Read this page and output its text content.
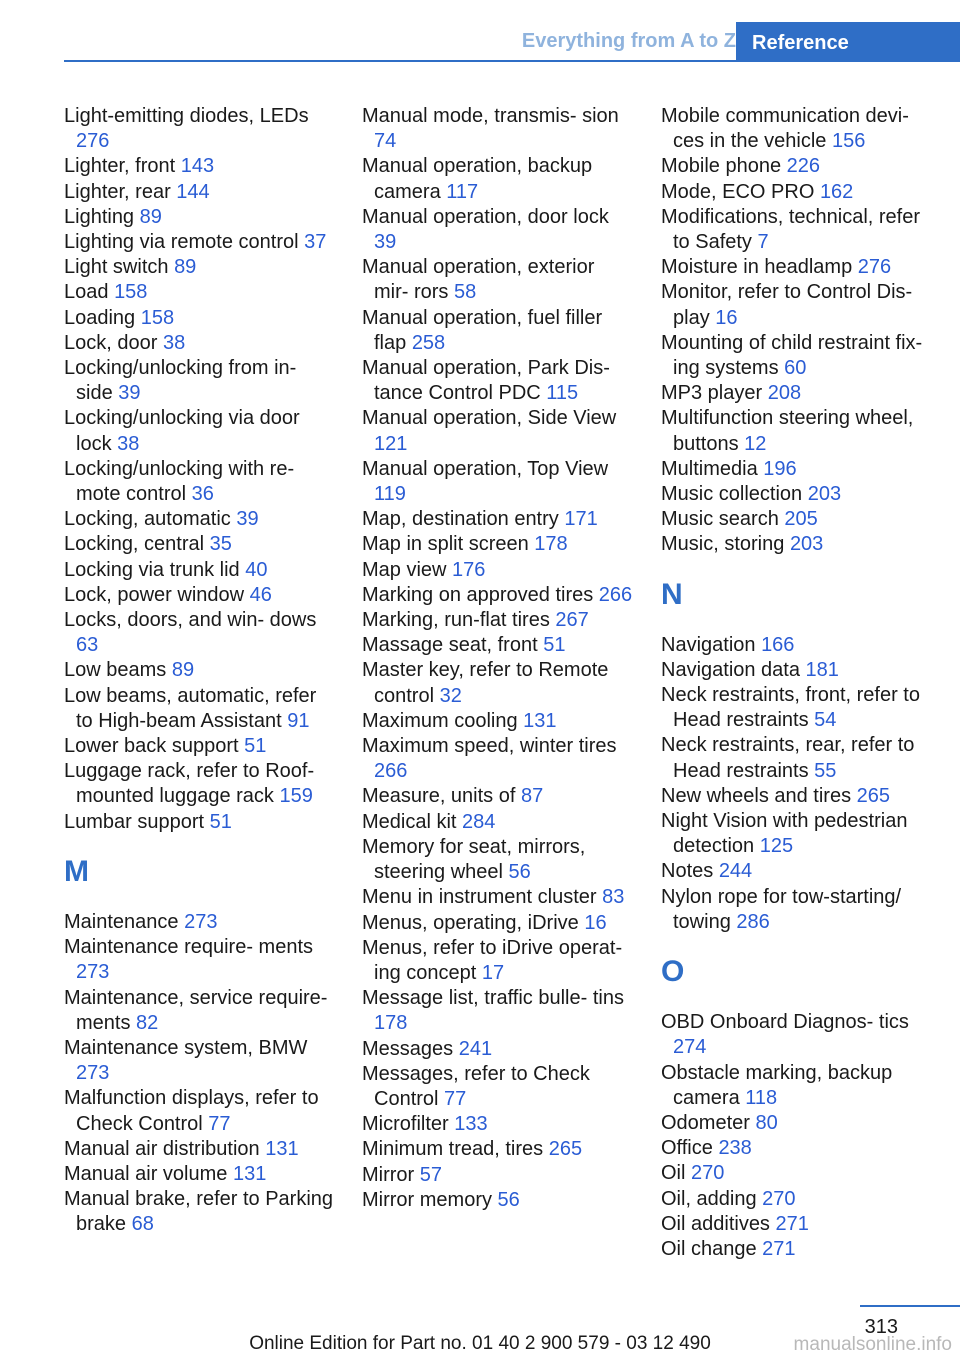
Everything from A to Z Reference
Light-emitting diodes, LEDs 276
Lighter, front 143
Lighter, rear 144
Lighting 89
Lighting via remote control 37
Light switch 89
Load 158
Loading 158
Lock, door 38
Locking/unlocking from in‐ side 39
Locking/unlocking via door lock 38
Locking/unlocking with re‐ mote control 36
Locking, automatic 39
Locking, central 35
Locking via trunk lid 40
Lock, power window 46
Locks, doors, and win‐ dows 63
Low beams 89
Low beams, automatic, refer to High-beam Assistant 91
Lower back support 51
Luggage rack, refer to Roof-mounted luggage rack 159
Lumbar support 51
M
Maintenance 273
Maintenance require‐ ments 273
Maintenance, service require‐ ments 82
Maintenance system, BMW 273
Malfunction displays, refer to Check Control 77
Manual air distribution 131
Manual air volume 131
Manual brake, refer to Parking brake 68
Manual mode, transmis‐ sion 74
Manual operation, backup camera 117
Manual operation, door lock 39
Manual operation, exterior mir‐ rors 58
Manual operation, fuel filler flap 258
Manual operation, Park Dis‐ tance Control PDC 115
Manual operation, Side View 121
Manual operation, Top View 119
Map, destination entry 171
Map in split screen 178
Map view 176
Marking on approved tires 266
Marking, run-flat tires 267
Massage seat, front 51
Master key, refer to Remote control 32
Maximum cooling 131
Maximum speed, winter tires 266
Measure, units of 87
Medical kit 284
Memory for seat, mirrors, steering wheel 56
Menu in instrument cluster 83
Menus, operating, iDrive 16
Menus, refer to iDrive operat‐ ing concept 17
Message list, traffic bulle‐ tins 178
Messages 241
Messages, refer to Check Control 77
Microfilter 133
Minimum tread, tires 265
Mirror 57
Mirror memory 56
Mobile communication devi‐ ces in the vehicle 156
Mobile phone 226
Mode, ECO PRO 162
Modifications, technical, refer to Safety 7
Moisture in headlamp 276
Monitor, refer to Control Dis‐ play 16
Mounting of child restraint fix‐ ing systems 60
MP3 player 208
Multifunction steering wheel, buttons 12
Multimedia 196
Music collection 203
Music search 205
Music, storing 203
N
Navigation 166
Navigation data 181
Neck restraints, front, refer to Head restraints 54
Neck restraints, rear, refer to Head restraints 55
New wheels and tires 265
Night Vision with pedestrian detection 125
Notes 244
Nylon rope for tow-starting/ towing 286
O
OBD Onboard Diagnos‐ tics 274
Obstacle marking, backup camera 118
Odometer 80
Office 238
Oil 270
Oil, adding 270
Oil additives 271
Oil change 271
313
Online Edition for Part no. 01 40 2 900 579 - 03 12 490	manualsonline.info
